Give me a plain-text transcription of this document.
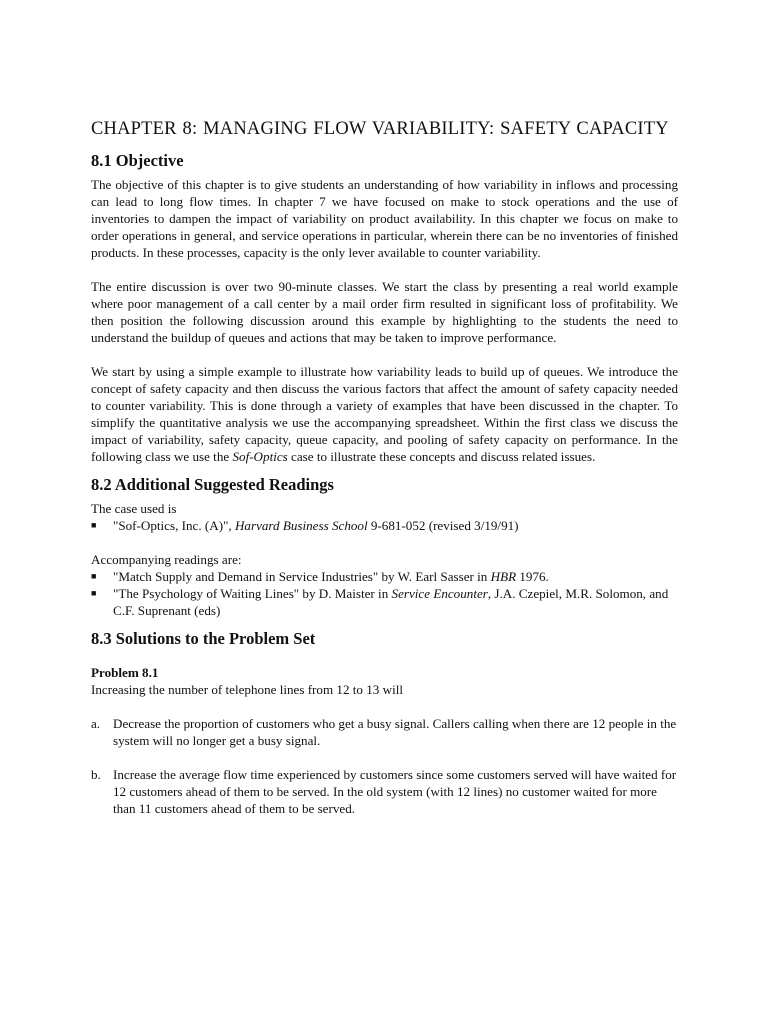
CHAPTER 8: MANAGING FLOW VARIABILITY: SAFETY CAPACITY
8.1 Objective

The objective of this chapter is to give students an understanding of how variability in inflows and processing can lead to long flow times. In chapter 7 we have focused on make to stock operations and the use of inventories to dampen the impact of variability on product availability. In this chapter we focus on make to order operations in general, and service operations in particular, wherein there can be no inventories of finished products. In these processes, capacity is the only lever available to counter variability.

The entire discussion is over two 90-minute classes. We start the class by presenting a real world example where poor management of a call center by a mail order firm resulted in significant loss of profitability. We then position the following discussion around this example by highlighting to the students the need to understand the buildup of queues and actions that may be taken to improve performance.

We start by using a simple example to illustrate how variability leads to build up of queues. We introduce the concept of safety capacity and then discuss the various factors that affect the amount of safety capacity needed to counter variability. This is done through a variety of examples that have been discussed in the chapter. To simplify the quantitative analysis we use the accompanying spreadsheet. Within the first class we discuss the impact of variability, safety capacity, queue capacity, and pooling of safety capacity on performance. In the following class we use the Sof-Optics case to illustrate these concepts and discuss related issues.

8.2 Additional Suggested Readings

The case used is

■ "Sof-Optics, Inc. (A)", Harvard Business School 9-681-052 (revised 3/19/91)

Accompanying readings are:

■ "Match Supply and Demand in Service Industries" by W. Earl Sasser in HBR 1976.
■ "The Psychology of Waiting Lines" by D. Maister in Service Encounter, J.A. Czepiel, M.R. Solomon, and C.F. Suprenant (eds)
8.3 Solutions to the Problem Set
Problem 8.1

Increasing the number of telephone lines from 12 to 13 will

a. Decrease the proportion of customers who get a busy signal. Callers calling when there are 12 people in the system will no longer get a busy signal.
b. Increase the average flow time experienced by customers since some customers served will have waited for 12 customers ahead of them to be served. In the old system (with 12 lines) no customer waited for more than 11 customers ahead of them to be served.
